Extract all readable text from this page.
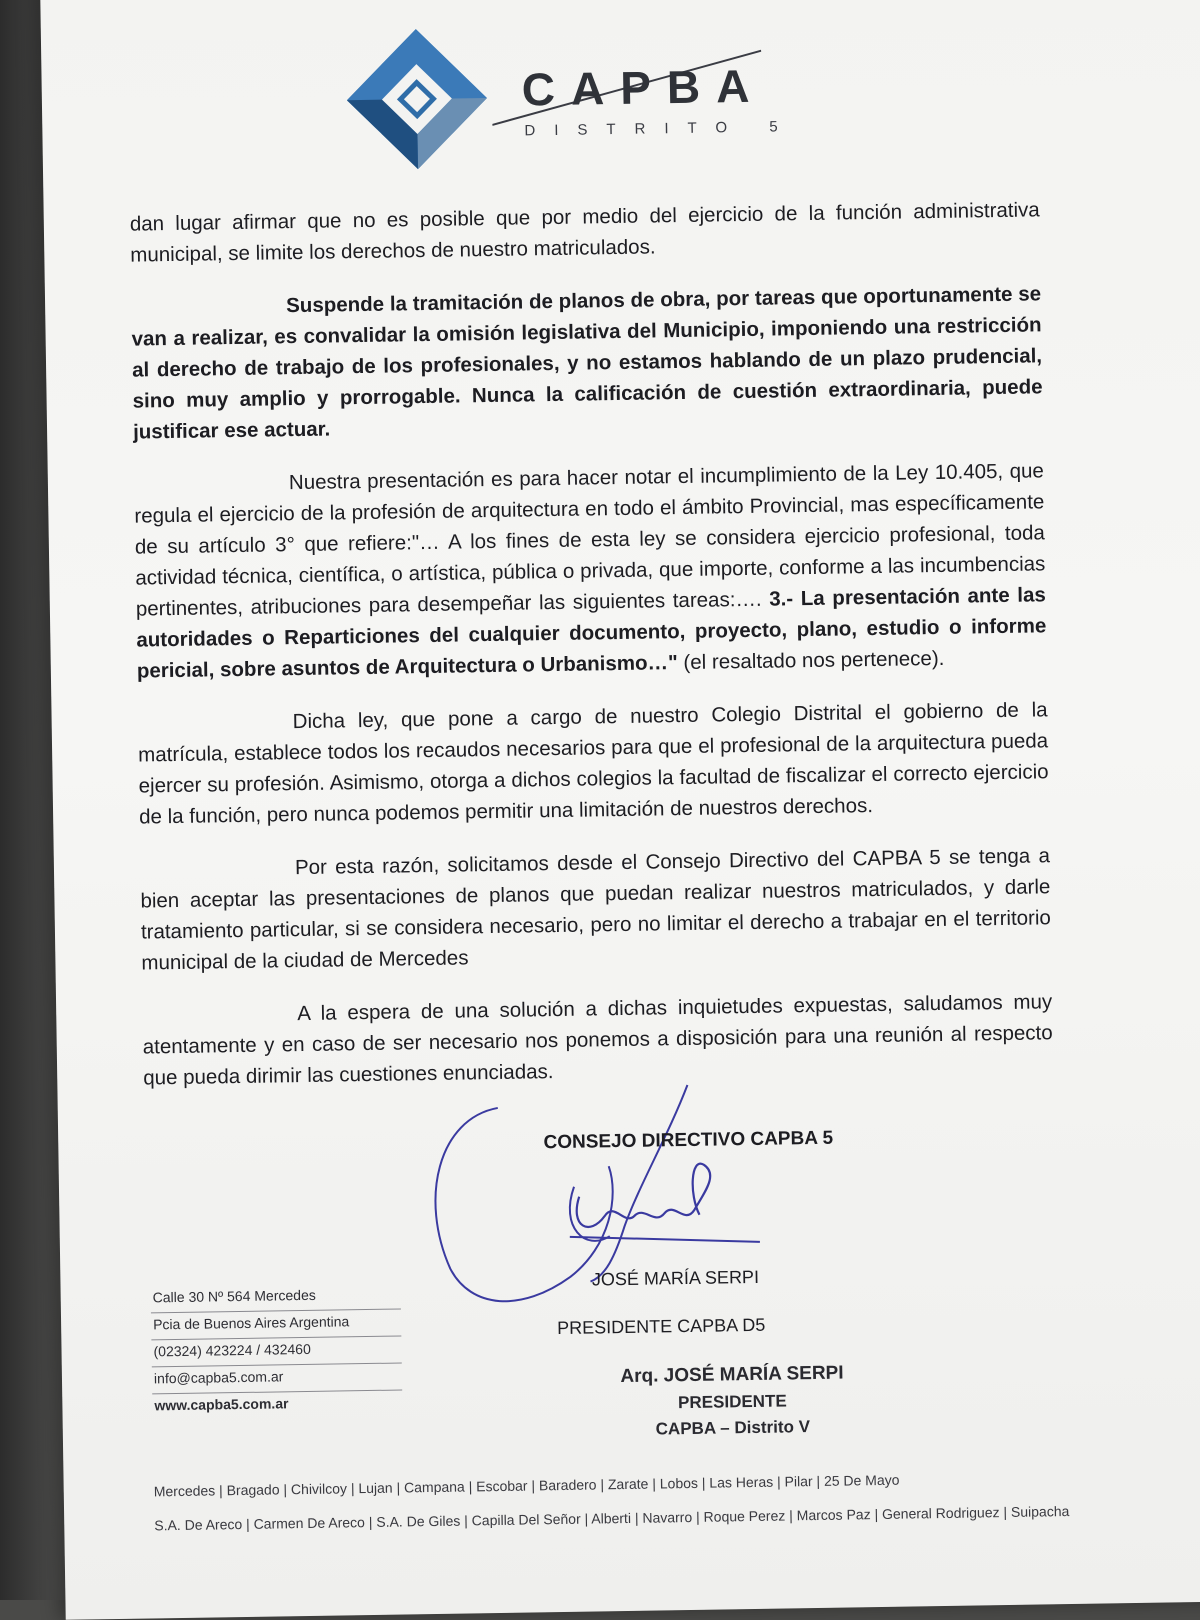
CAPBA
DISTRITO 5

dan lugar afirmar que no es posible que por medio del ejercicio de la función administrativa municipal, se limite los derechos de nuestro matriculados.

Suspende la tramitación de planos de obra, por tareas que oportunamente se van a realizar, es convalidar la omisión legislativa del Municipio, imponiendo una restricción al derecho de trabajo de los profesionales, y no estamos hablando de un plazo prudencial, sino muy amplio y prorrogable. Nunca la calificación de cuestión extraordinaria, puede justificar ese actuar.

Nuestra presentación es para hacer notar el incumplimiento de la Ley 10.405, que regula el ejercicio de la profesión de arquitectura en todo el ámbito Provincial, mas específicamente de su artículo 3° que refiere:"… A los fines de esta ley se considera ejercicio profesional, toda actividad técnica, científica, o artística, pública o privada, que importe, conforme a las incumbencias pertinentes, atribuciones para desempeñar las siguientes tareas:…. 3.- La presentación ante las autoridades o Reparticiones del cualquier documento, proyecto, plano, estudio o informe pericial, sobre asuntos de Arquitectura o Urbanismo…" (el resaltado nos pertenece).

Dicha ley, que pone a cargo de nuestro Colegio Distrital el gobierno de la matrícula, establece todos los recaudos necesarios para que el profesional de la arquitectura pueda ejercer su profesión. Asimismo, otorga a dichos colegios la facultad de fiscalizar el correcto ejercicio de la función, pero nunca podemos permitir una limitación de nuestros derechos.

Por esta razón, solicitamos desde el Consejo Directivo del CAPBA 5 se tenga a bien aceptar las presentaciones de planos que puedan realizar nuestros matriculados, y darle tratamiento particular, si se considera necesario, pero no limitar el derecho a trabajar en el territorio municipal de la ciudad de Mercedes

A la espera de una solución a dichas inquietudes expuestas, saludamos muy atentamente y en caso de ser necesario nos ponemos a disposición para una reunión al respecto que pueda dirimir las cuestiones enunciadas.

CONSEJO DIRECTIVO CAPBA 5
JOSÉ MARÍA SERPI
PRESIDENTE CAPBA D5
Arq. JOSÉ MARÍA SERPI
PRESIDENTE
CAPBA – Distrito V
Calle 30 Nº 564 Mercedes
Pcia de Buenos Aires Argentina
(02324) 423224 / 432460
info@capba5.com.ar
www.capba5.com.ar
Mercedes | Bragado | Chivilcoy | Lujan | Campana | Escobar | Baradero | Zarate | Lobos | Las Heras | Pilar | 25 De Mayo
S.A. De Areco | Carmen De Areco | S.A. De Giles | Capilla Del Señor | Alberti | Navarro | Roque Perez | Marcos Paz | General Rodriguez | Suipacha
